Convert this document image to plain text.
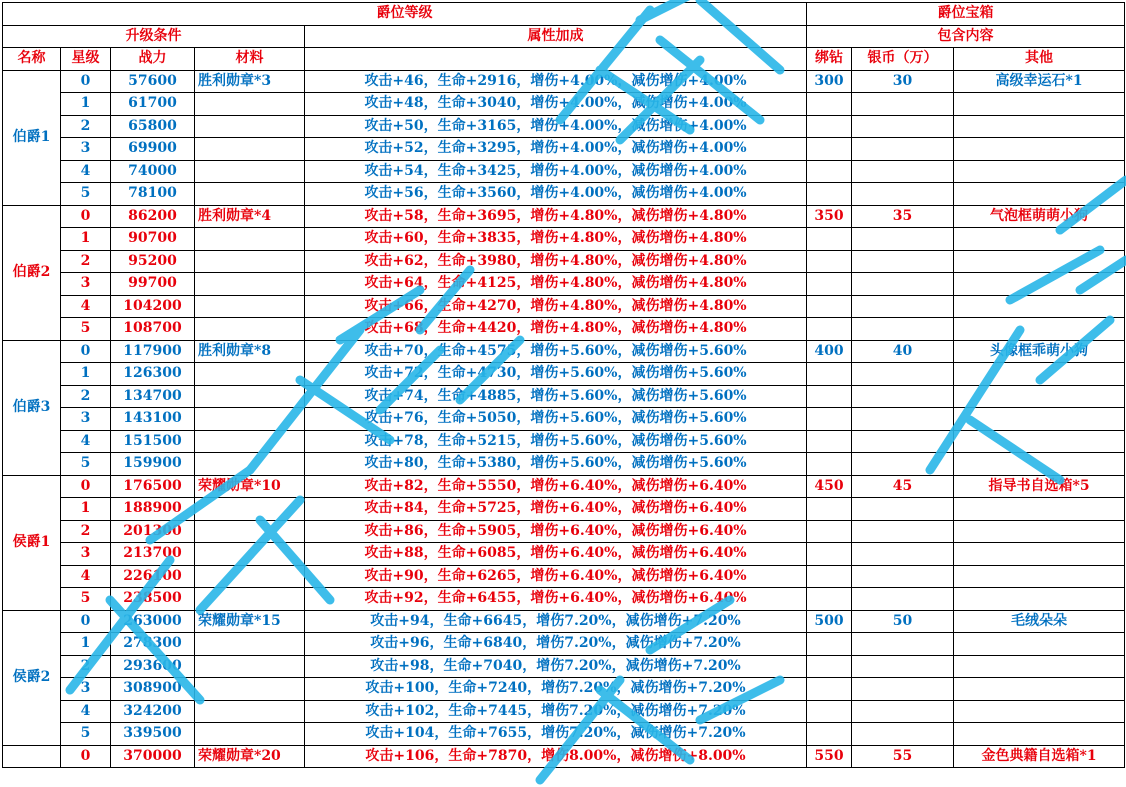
爵位等级					爵位宝箱		
升级条件				属性加成	包含内容		
名称	星级	战力	材料		绑钻	银币（万）	其他
伯爵1	0	57600	胜利勋章*3	攻击+46，生命+2916，增伤+4.00%，减伤增伤+4.00%	300	30	高级幸运石*1
	1	61700		攻击+48，生命+3040，增伤+4.00%，减伤增伤+4.00%			
	2	65800		攻击+50，生命+3165，增伤+4.00%，减伤增伤+4.00%			
	3	69900		攻击+52，生命+3295，增伤+4.00%，减伤增伤+4.00%			
	4	74000		攻击+54，生命+3425，增伤+4.00%，减伤增伤+4.00%			
	5	78100		攻击+56，生命+3560，增伤+4.00%，减伤增伤+4.00%			
伯爵2	0	86200	胜利勋章*4	攻击+58，生命+3695，增伤+4.80%，减伤增伤+4.80%	350	35	气泡框萌萌小狗
	1	90700		攻击+60，生命+3835，增伤+4.80%，减伤增伤+4.80%			
	2	95200		攻击+62，生命+3980，增伤+4.80%，减伤增伤+4.80%			
	3	99700		攻击+64，生命+4125，增伤+4.80%，减伤增伤+4.80%			
	4	104200		攻击+66，生命+4270，增伤+4.80%，减伤增伤+4.80%			
	5	108700		攻击+68，生命+4420，增伤+4.80%，减伤增伤+4.80%			
伯爵3	0	117900	胜利勋章*8	攻击+70，生命+4575，增伤+5.60%，减伤增伤+5.60%	400	40	头像框乖萌小狗
	1	126300		攻击+72，生命+4730，增伤+5.60%，减伤增伤+5.60%			
	2	134700		攻击+74，生命+4885，增伤+5.60%，减伤增伤+5.60%			
	3	143100		攻击+76，生命+5050，增伤+5.60%，减伤增伤+5.60%			
	4	151500		攻击+78，生命+5215，增伤+5.60%，减伤增伤+5.60%			
	5	159900		攻击+80，生命+5380，增伤+5.60%，减伤增伤+5.60%			
侯爵1	0	176500	荣耀勋章*10	攻击+82，生命+5550，增伤+6.40%，减伤增伤+6.40%	450	45	指导书自选箱*5
	1	188900		攻击+84，生命+5725，增伤+6.40%，减伤增伤+6.40%			
	2	201300		攻击+86，生命+5905，增伤+6.40%，减伤增伤+6.40%			
	3	213700		攻击+88，生命+6085，增伤+6.40%，减伤增伤+6.40%			
	4	226100		攻击+90，生命+6265，增伤+6.40%，减伤增伤+6.40%			
	5	238500		攻击+92，生命+6455，增伤+6.40%，减伤增伤+6.40%			
侯爵2	0	263000	荣耀勋章*15	攻击+94，生命+6645，增伤7.20%，减伤增伤+7.20%	500	50	毛绒朵朵
	1	278300		攻击+96，生命+6840，增伤7.20%，减伤增伤+7.20%			
	2	293600		攻击+98，生命+7040，增伤7.20%，减伤增伤+7.20%			
	3	308900		攻击+100，生命+7240，增伤7.20%，减伤增伤+7.20%			
	4	324200		攻击+102，生命+7445，增伤7.20%，减伤增伤+7.20%			
	5	339500		攻击+104，生命+7655，增伤7.20%，减伤增伤+7.20%			
	0	370000	荣耀勋章*20	攻击+106，生命+7870，增伤8.00%，减伤增伤+8.00%	550	55	金色典籍自选箱*1
